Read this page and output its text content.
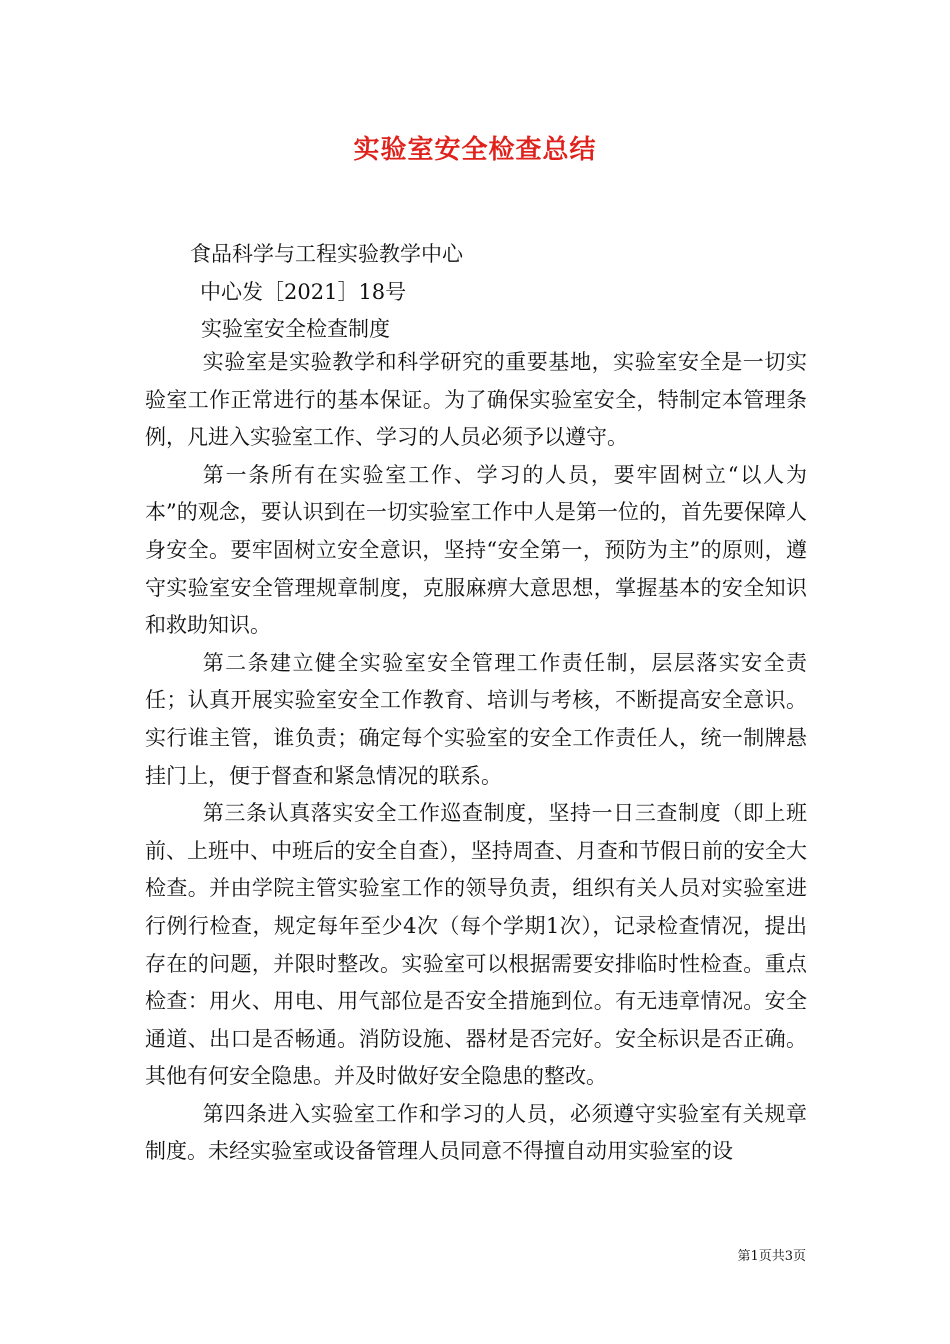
实验室安全检查总结
食品科学与工程实验教学中心
中心发［2021］18号
实验室安全检查制度

实验室是实验教学和科学研究的重要基地，实验室安全是一切实验室工作正常进行的基本保证。为了确保实验室安全，特制定本管理条例，凡进入实验室工作、学习的人员必须予以遵守。

第一条所有在实验室工作、学习的人员，要牢固树立“以人为本”的观念，要认识到在一切实验室工作中人是第一位的，首先要保障人身安全。要牢固树立安全意识，坚持“安全第一，预防为主”的原则，遵守实验室安全管理规章制度，克服麻痹大意思想，掌握基本的安全知识和救助知识。

第二条建立健全实验室安全管理工作责任制，层层落实安全责任；认真开展实验室安全工作教育、培训与考核，不断提高安全意识。实行谁主管，谁负责；确定每个实验室的安全工作责任人，统一制牌悬挂门上，便于督查和紧急情况的联系。

第三条认真落实安全工作巡查制度，坚持一日三查制度（即上班前、上班中、中班后的安全自查），坚持周查、月查和节假日前的安全大检查。并由学院主管实验室工作的领导负责，组织有关人员对实验室进行例行检查，规定每年至少4次（每个学期1次），记录检查情况，提出存在的问题，并限时整改。实验室可以根据需要安排临时性检查。重点检查：用火、用电、用气部位是否安全措施到位。有无违章情况。安全通道、出口是否畅通。消防设施、器材是否完好。安全标识是否正确。其他有何安全隐患。并及时做好安全隐患的整改。

第四条进入实验室工作和学习的人员，必须遵守实验室有关规章制度。未经实验室或设备管理人员同意不得擅自动用实验室的设

第1页共3页
